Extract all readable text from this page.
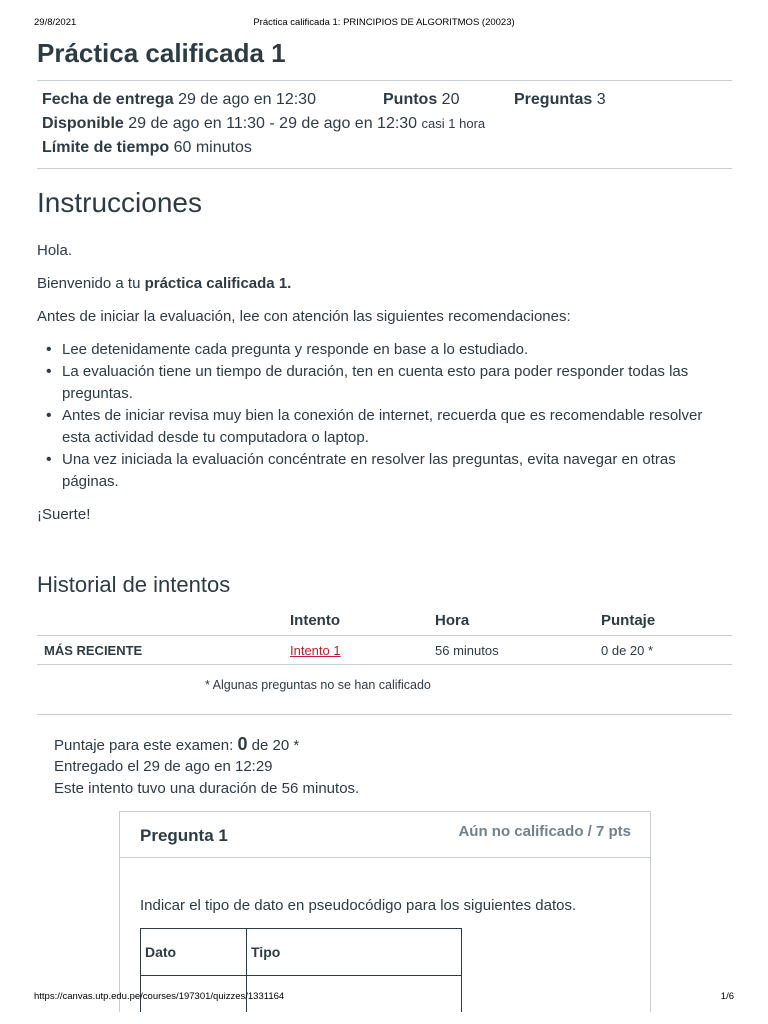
29/8/2021	Práctica calificada 1: PRINCIPIOS DE ALGORITMOS (20023)
Práctica calificada 1
Fecha de entrega 29 de ago en 12:30	Puntos 20	Preguntas 3
Disponible 29 de ago en 11:30 - 29 de ago en 12:30 casi 1 hora
Límite de tiempo 60 minutos
Instrucciones

Hola.

Bienvenido a tu práctica calificada 1.

Antes de iniciar la evaluación, lee con atención las siguientes recomendaciones:

• Lee detenidamente cada pregunta y responde en base a lo estudiado.
• La evaluación tiene un tiempo de duración, ten en cuenta esto para poder responder todas las preguntas.
• Antes de iniciar revisa muy bien la conexión de internet, recuerda que es recomendable resolver esta actividad desde tu computadora o laptop.
• Una vez iniciada la evaluación concéntrate en resolver las preguntas, evita navegar en otras páginas.

¡Suerte!

Historial de intentos
	Intento	Hora	Puntaje
MÁS RECIENTE	Intento 1	56 minutos	0 de 20 *
* Algunas preguntas no se han calificado
Puntaje para este examen: 0 de 20 *
Entregado el 29 de ago en 12:29
Este intento tuvo una duración de 56 minutos.
Pregunta 1	Aún no calificado / 7 pts
Indicar el tipo de dato en pseudocódigo para los siguientes datos.
Dato	Tipo

https://canvas.utp.edu.pe/courses/197301/quizzes/1331164	1/6
